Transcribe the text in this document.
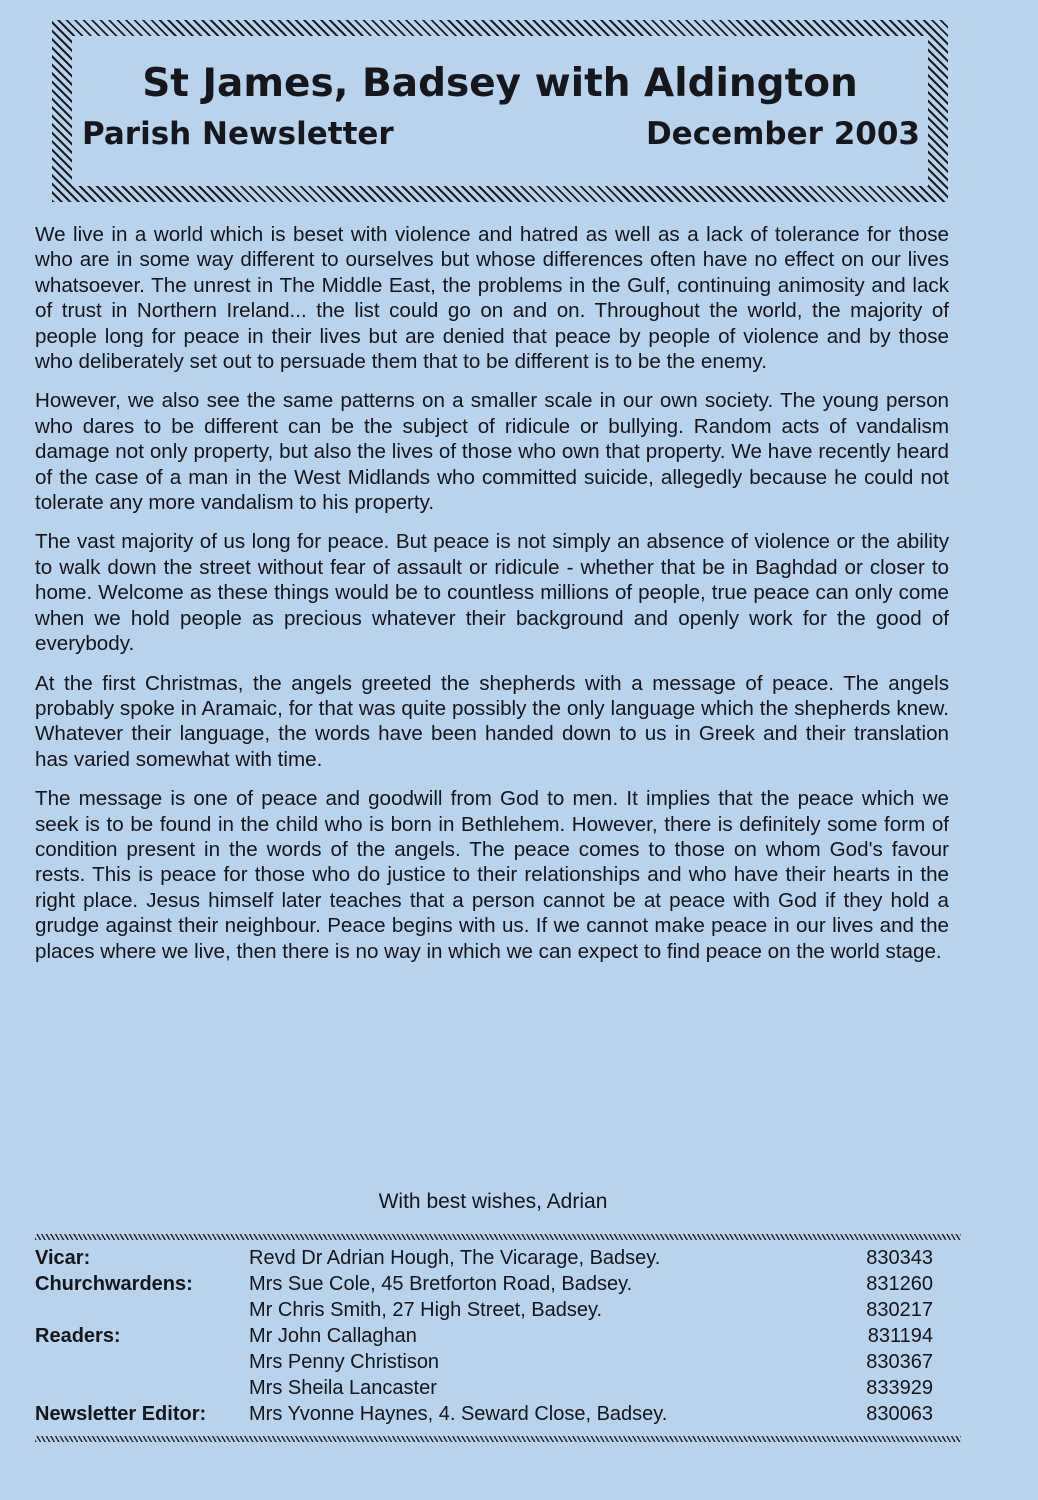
St James, Badsey with Aldington
Parish Newsletter	December 2003

We live in a world which is beset with violence and hatred as well as a lack of tolerance for those who are in some way different to ourselves but whose differences often have no effect on our lives whatsoever. The unrest in The Middle East, the problems in the Gulf, continuing animosity and lack of trust in Northern Ireland... the list could go on and on. Throughout the world, the majority of people long for peace in their lives but are denied that peace by people of violence and by those who deliberately set out to persuade them that to be different is to be the enemy.

However, we also see the same patterns on a smaller scale in our own society. The young person who dares to be different can be the subject of ridicule or bullying. Random acts of vandalism damage not only property, but also the lives of those who own that property. We have recently heard of the case of a man in the West Midlands who committed suicide, allegedly because he could not tolerate any more vandalism to his property.

The vast majority of us long for peace. But peace is not simply an absence of violence or the ability to walk down the street without fear of assault or ridicule - whether that be in Baghdad or closer to home. Welcome as these things would be to countless millions of people, true peace can only come when we hold people as precious whatever their background and openly work for the good of everybody.

At the first Christmas, the angels greeted the shepherds with a message of peace. The angels probably spoke in Aramaic, for that was quite possibly the only language which the shepherds knew. Whatever their language, the words have been handed down to us in Greek and their translation has varied somewhat with time.

The message is one of peace and goodwill from God to men. It implies that the peace which we seek is to be found in the child who is born in Bethlehem. However, there is definitely some form of condition present in the words of the angels. The peace comes to those on whom God's favour rests. This is peace for those who do justice to their relationships and who have their hearts in the right place. Jesus himself later teaches that a person cannot be at peace with God if they hold a grudge against their neighbour. Peace begins with us. If we cannot make peace in our lives and the places where we live, then there is no way in which we can expect to find peace on the world stage.

With best wishes, Adrian
Vicar:	Revd Dr Adrian Hough, The Vicarage, Badsey.	830343
Churchwardens:	Mrs Sue Cole, 45 Bretforton Road, Badsey.	831260
Mr Chris Smith, 27 High Street, Badsey.	830217
Readers:	Mr John Callaghan	831194
Mrs Penny Christison	830367
Mrs Sheila Lancaster	833929
Newsletter Editor: Mrs Yvonne Haynes, 4. Seward Close, Badsey.	830063
